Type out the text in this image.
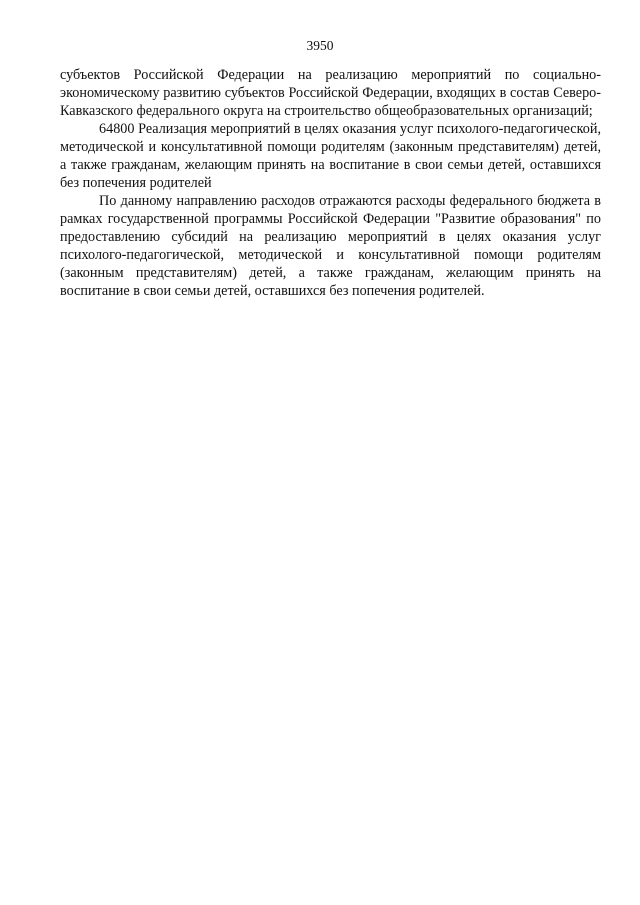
3950

субъектов Российской Федерации на реализацию мероприятий по социально-экономическому развитию субъектов Российской Федерации, входящих в состав Северо-Кавказского федерального округа на строительство общеобразовательных организаций;

64800 Реализация мероприятий в целях оказания услуг психолого-педагогической, методической и консультативной помощи родителям (законным представителям) детей, а также гражданам, желающим принять на воспитание в свои семьи детей, оставшихся без попечения родителей

По данному направлению расходов отражаются расходы федерального бюджета в рамках государственной программы Российской Федерации "Развитие образования" по предоставлению субсидий на реализацию мероприятий в целях оказания услуг психолого-педагогической, методической и консультативной помощи родителям (законным представителям) детей, а также гражданам, желающим принять на воспитание в свои семьи детей, оставшихся без попечения родителей.
